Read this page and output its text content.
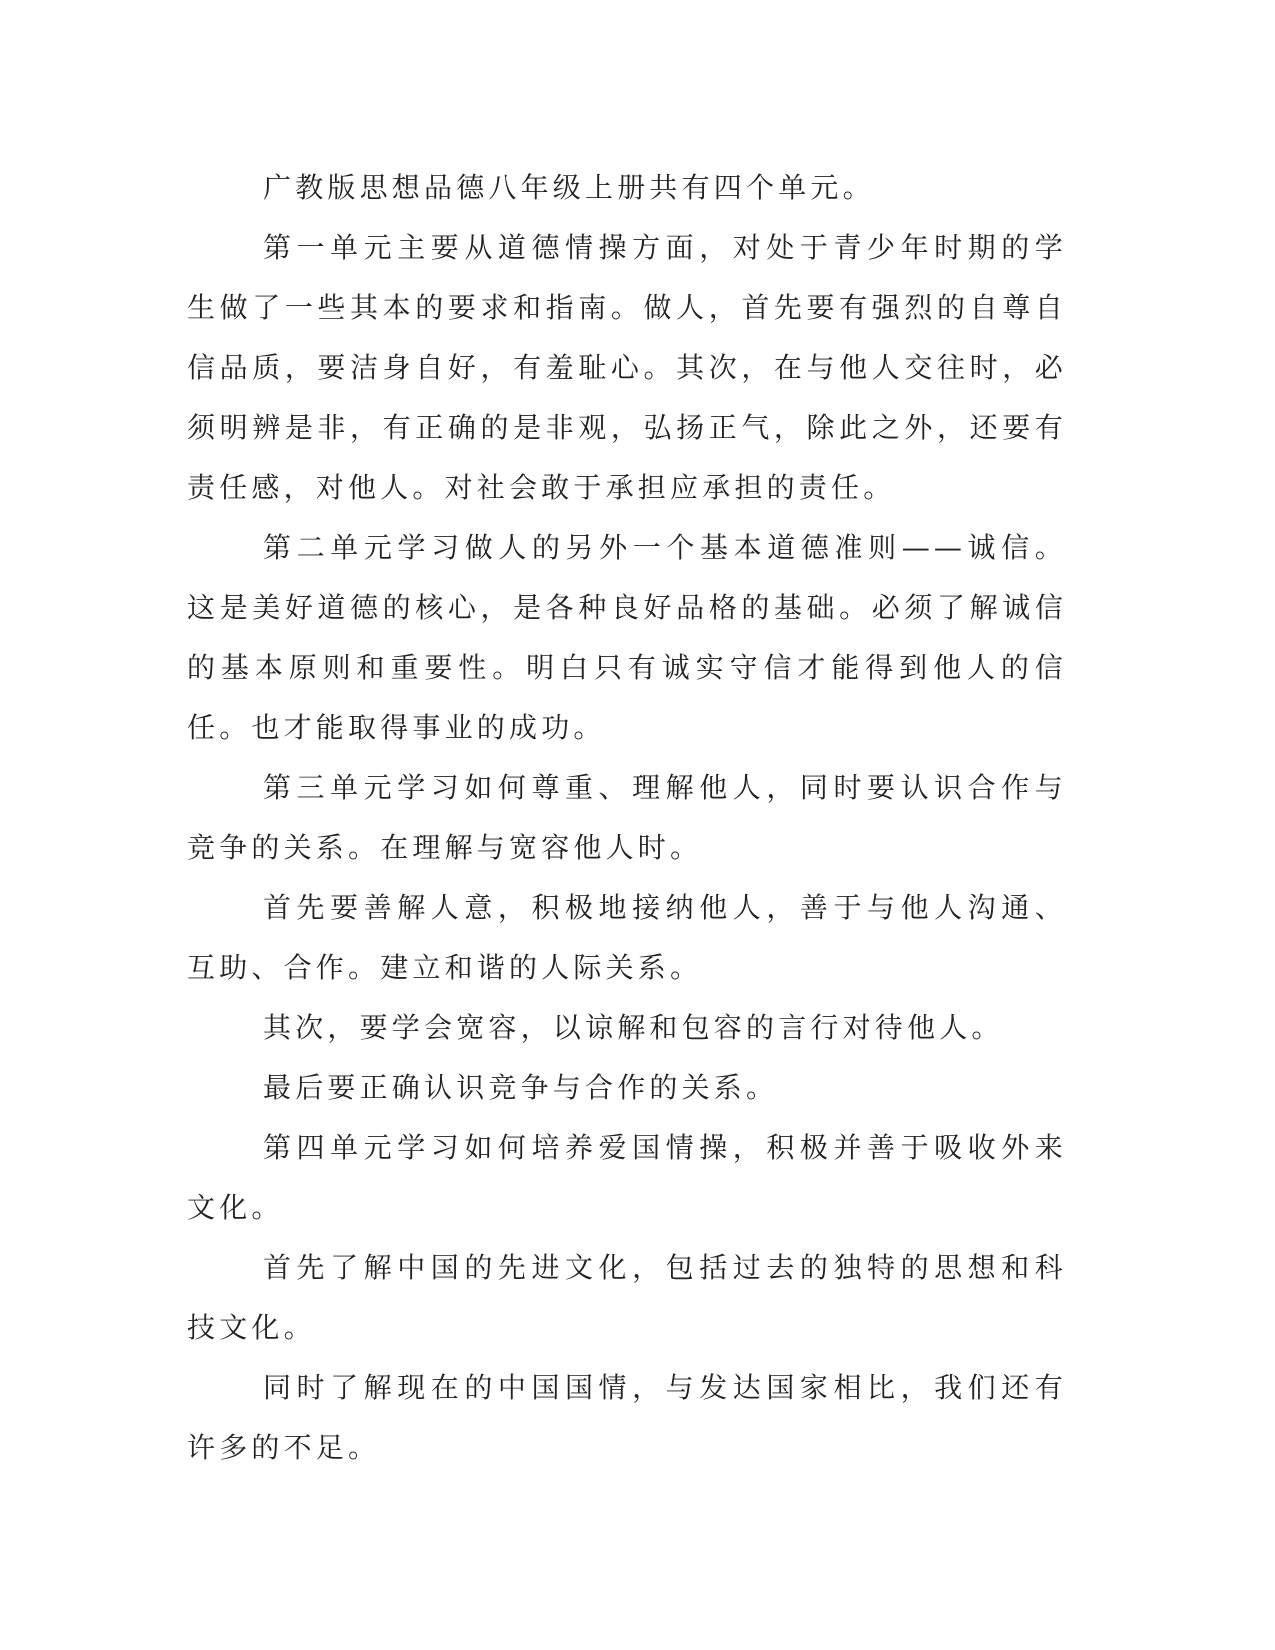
广教版思想品德八年级上册共有四个单元。

第一单元主要从道德情操方面，对处于青少年时期的学生做了一些其本的要求和指南。做人，首先要有强烈的自尊自信品质，要洁身自好，有羞耻心。其次，在与他人交往时，必须明辨是非，有正确的是非观，弘扬正气，除此之外，还要有责任感，对他人。对社会敢于承担应承担的责任。

第二单元学习做人的另外一个基本道德准则——诚信。这是美好道德的核心，是各种良好品格的基础。必须了解诚信的基本原则和重要性。明白只有诚实守信才能得到他人的信任。也才能取得事业的成功。

第三单元学习如何尊重、理解他人，同时要认识合作与竞争的关系。在理解与宽容他人时。

首先要善解人意，积极地接纳他人，善于与他人沟通、互助、合作。建立和谐的人际关系。

其次，要学会宽容，以谅解和包容的言行对待他人。

最后要正确认识竞争与合作的关系。

第四单元学习如何培养爱国情操，积极并善于吸收外来文化。

首先了解中国的先进文化，包括过去的独特的思想和科技文化。

同时了解现在的中国国情，与发达国家相比，我们还有许多的不足。
